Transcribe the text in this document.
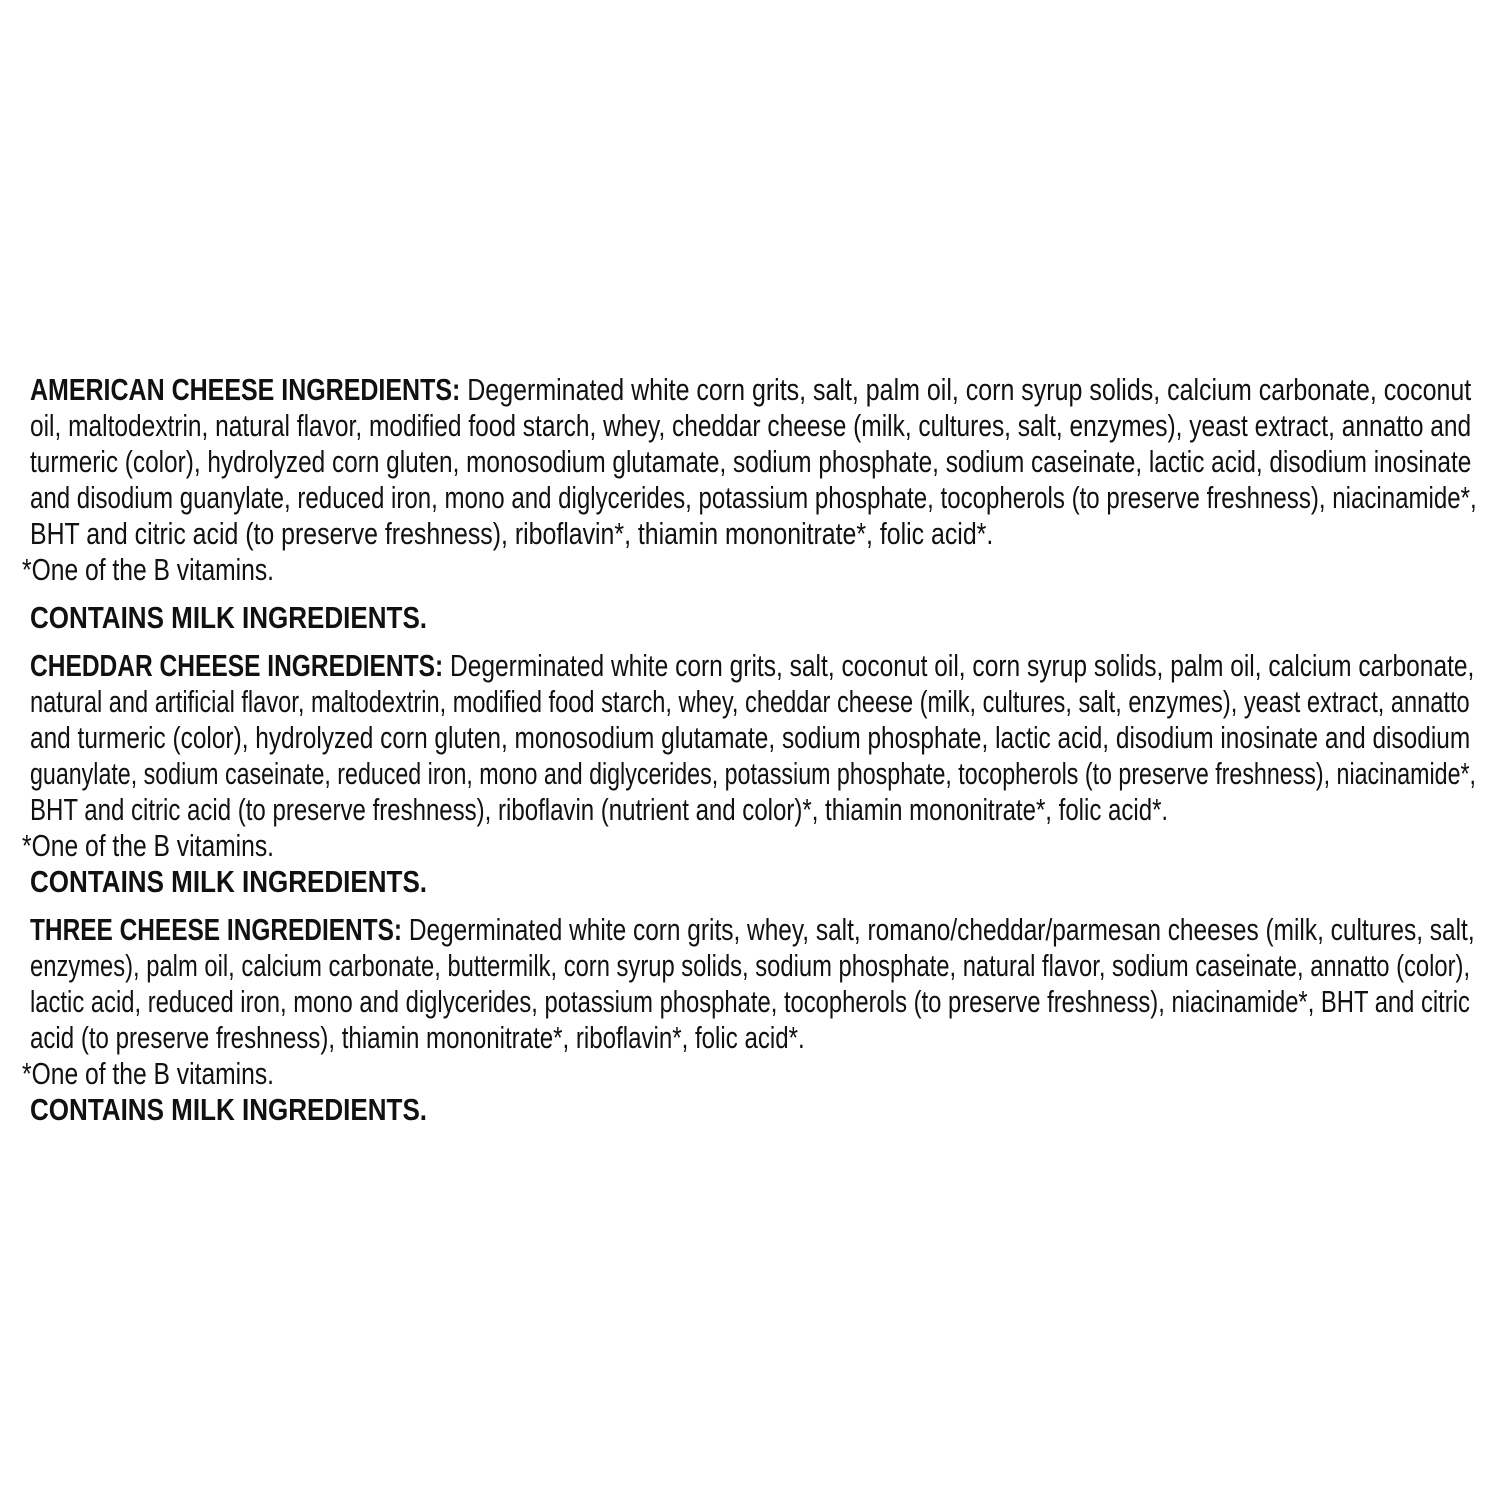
AMERICAN CHEESE INGREDIENTS: Degerminated white corn grits, salt, palm oil, corn syrup solids, calcium carbonate, coconut
oil, maltodextrin, natural flavor, modified food starch, whey, cheddar cheese (milk, cultures, salt, enzymes), yeast extract, annatto and
turmeric (color), hydrolyzed corn gluten, monosodium glutamate, sodium phosphate, sodium caseinate, lactic acid, disodium inosinate
and disodium guanylate, reduced iron, mono and diglycerides, potassium phosphate, tocopherols (to preserve freshness), niacinamide*,
BHT and citric acid (to preserve freshness), riboflavin*, thiamin mononitrate*, folic acid*.
*One of the B vitamins.
CONTAINS MILK INGREDIENTS.
CHEDDAR CHEESE INGREDIENTS: Degerminated white corn grits, salt, coconut oil, corn syrup solids, palm oil, calcium carbonate,
natural and artificial flavor, maltodextrin, modified food starch, whey, cheddar cheese (milk, cultures, salt, enzymes), yeast extract, annatto
and turmeric (color), hydrolyzed corn gluten, monosodium glutamate, sodium phosphate, lactic acid, disodium inosinate and disodium
guanylate, sodium caseinate, reduced iron, mono and diglycerides, potassium phosphate, tocopherols (to preserve freshness), niacinamide*,
BHT and citric acid (to preserve freshness), riboflavin (nutrient and color)*, thiamin mononitrate*, folic acid*.
*One of the B vitamins.
CONTAINS MILK INGREDIENTS.
THREE CHEESE INGREDIENTS: Degerminated white corn grits, whey, salt, romano/cheddar/parmesan cheeses (milk, cultures, salt,
enzymes), palm oil, calcium carbonate, buttermilk, corn syrup solids, sodium phosphate, natural flavor, sodium caseinate, annatto (color),
lactic acid, reduced iron, mono and diglycerides, potassium phosphate, tocopherols (to preserve freshness), niacinamide*, BHT and citric
acid (to preserve freshness), thiamin mononitrate*, riboflavin*, folic acid*.
*One of the B vitamins.
CONTAINS MILK INGREDIENTS.
